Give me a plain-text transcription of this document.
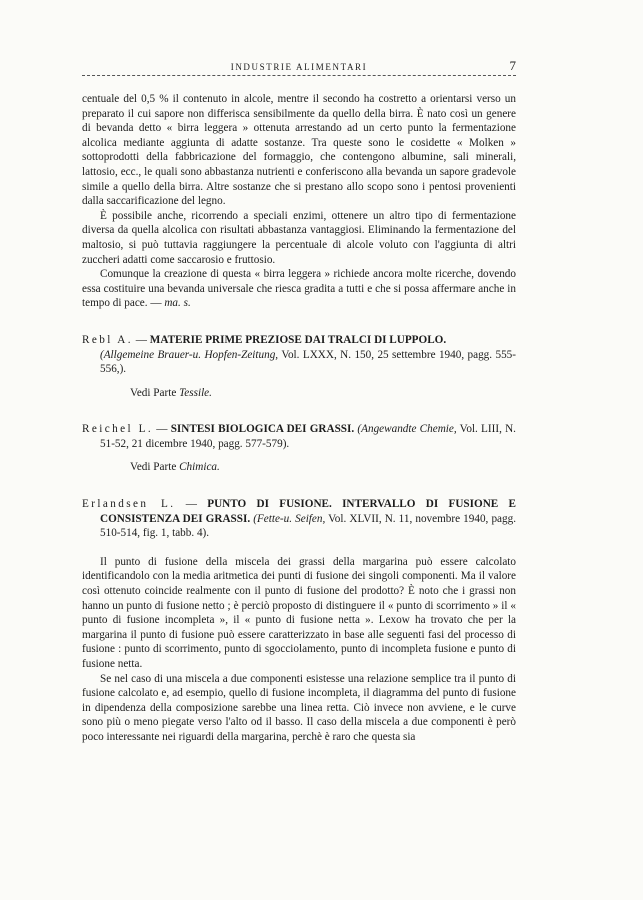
INDUSTRIE ALIMENTARI	7

centuale del 0,5 % il contenuto in alcole, mentre il secondo ha costretto a orientarsi verso un preparato il cui sapore non differisca sensibilmente da quello della birra. È nato così un genere di bevanda detto « birra leggera » ottenuta arrestando ad un certo punto la fermentazione alcolica mediante aggiunta di adatte sostanze. Tra queste sono le cosidette « Molken » sottoprodotti della fabbricazione del formaggio, che contengono albumine, sali minerali, lattosio, ecc., le quali sono abbastanza nutrienti e conferiscono alla bevanda un sapore gradevole simile a quello della birra. Altre sostanze che si prestano allo scopo sono i pentosi provenienti dalla saccarificazione del legno.

È possibile anche, ricorrendo a speciali enzimi, ottenere un altro tipo di fermentazione diversa da quella alcolica con risultati abbastanza vantaggiosi. Eliminando la fermentazione del maltosio, si può tuttavia raggiungere la percentuale di alcole voluto con l'aggiunta di altri zuccheri adatti come saccarosio e fruttosio.

Comunque la creazione di questa « birra leggera » richiede ancora molte ricerche, dovendo essa costituire una bevanda universale che riesca gradita a tutti e che si possa affermare anche in tempo di pace. — ma. s.

Rebl A. — MATERIE PRIME PREZIOSE DAI TRALCI DI LUPPOLO.
(Allgemeine Brauer-u. Hopfen-Zeitung, Vol. LXXX, N. 150, 25 settembre 1940, pagg. 555-556,).

Vedi Parte Tessile.

Reichel L. — SINTESI BIOLOGICA DEI GRASSI. (Angewandte Chemie, Vol. LIII, N. 51-52, 21 dicembre 1940, pagg. 577-579).

Vedi Parte Chimica.

Erlandsen L. — PUNTO DI FUSIONE. INTERVALLO DI FUSIONE E CONSISTENZA DEI GRASSI. (Fette-u. Seifen, Vol. XLVII, N. 11, novembre 1940, pagg. 510-514, fig. 1, tabb. 4).

Il punto di fusione della miscela dei grassi della margarina può essere calcolato identificandolo con la media aritmetica dei punti di fusione dei singoli componenti. Ma il valore così ottenuto coincide realmente con il punto di fusione del prodotto? È noto che i grassi non hanno un punto di fusione netto ; è perciò proposto di distinguere il « punto di scorrimento » il « punto di fusione incompleta », il « punto di fusione netta ». Lexow ha trovato che per la margarina il punto di fusione può essere caratterizzato in base alle seguenti fasi del processo di fusione : punto di scorrimento, punto di sgocciolamento, punto di incompleta fusione e punto di fusione netta.

Se nel caso di una miscela a due componenti esistesse una relazione semplice tra il punto di fusione calcolato e, ad esempio, quello di fusione incompleta, il diagramma del punto di fusione in dipendenza della composizione sarebbe una linea retta. Ciò invece non avviene, e le curve sono più o meno piegate verso l'alto od il basso. Il caso della miscela a due componenti è però poco interessante nei riguardi della margarina, perchè è raro che questa sia
